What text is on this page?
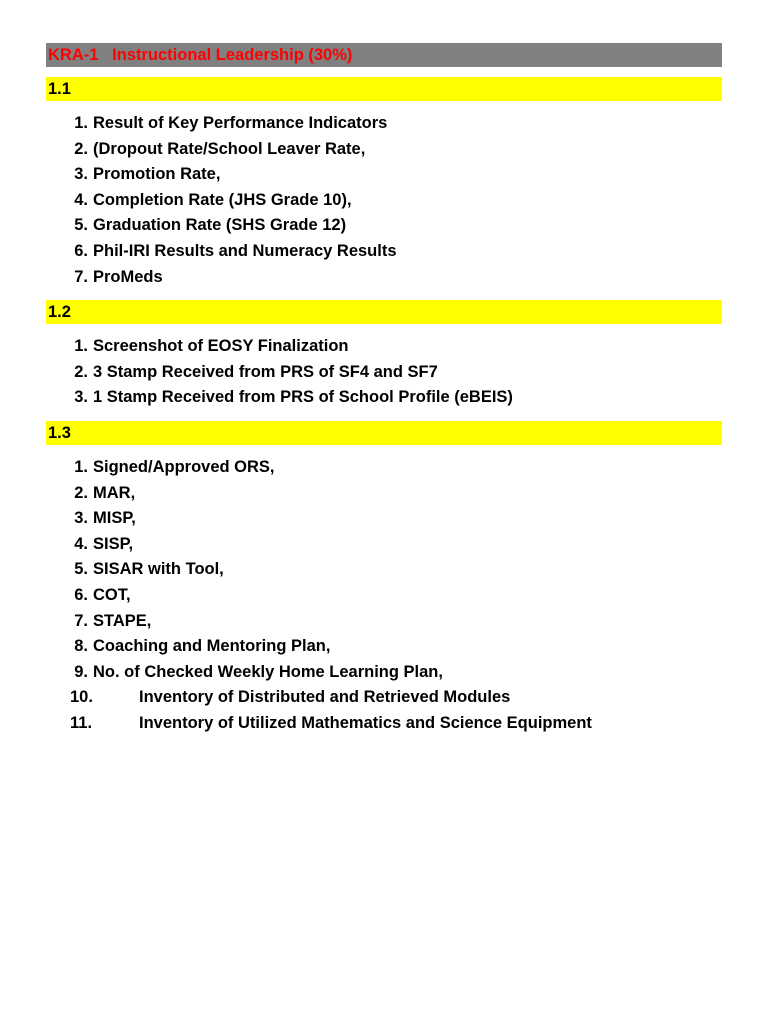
KRA-1   Instructional Leadership (30%)
1.1
1. Result of Key Performance Indicators
2. (Dropout Rate/School Leaver Rate,
3. Promotion Rate,
4. Completion Rate (JHS Grade 10),
5. Graduation Rate (SHS Grade 12)
6. Phil-IRI Results and Numeracy Results
7. ProMeds
1.2
1. Screenshot of EOSY Finalization
2. 3 Stamp Received from PRS of SF4 and SF7
3. 1 Stamp Received from PRS of School Profile (eBEIS)
1.3
1. Signed/Approved ORS,
2. MAR,
3. MISP,
4. SISP,
5. SISAR with Tool,
6. COT,
7. STAPE,
8. Coaching and Mentoring Plan,
9. No. of Checked Weekly Home Learning Plan,
10.	Inventory of Distributed and Retrieved Modules
11.	Inventory of Utilized Mathematics and Science Equipment
